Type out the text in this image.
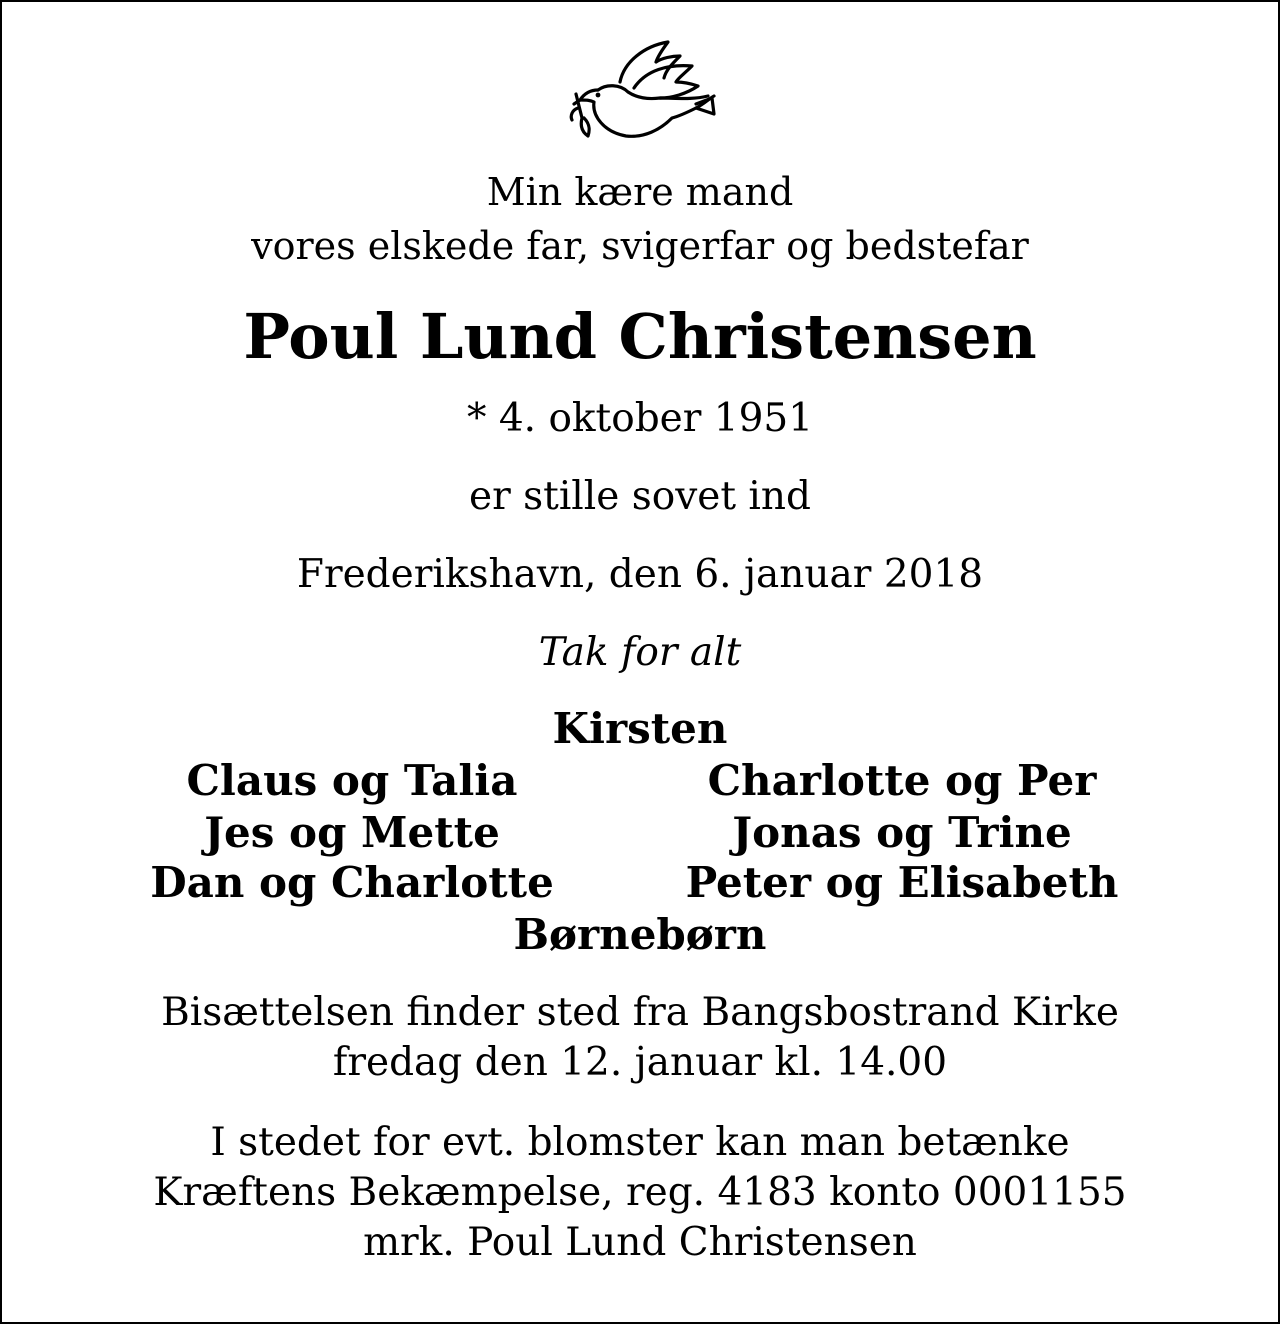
Min kære mand
vores elskede far, svigerfar og bedstefar
Poul Lund Christensen
* 4. oktober 1951
er stille sovet ind
Frederikshavn, den 6. januar 2018
Tak for alt
Kirsten
Claus og Talia
Jes og Mette
Dan og Charlotte
Charlotte og Per
Jonas og Trine
Peter og Elisabeth
Børnebørn
Bisættelsen finder sted fra Bangsbostrand Kirke
fredag den 12. januar kl. 14.00
I stedet for evt. blomster kan man betænke
Kræftens Bekæmpelse, reg. 4183 konto 0001155
mrk. Poul Lund Christensen
